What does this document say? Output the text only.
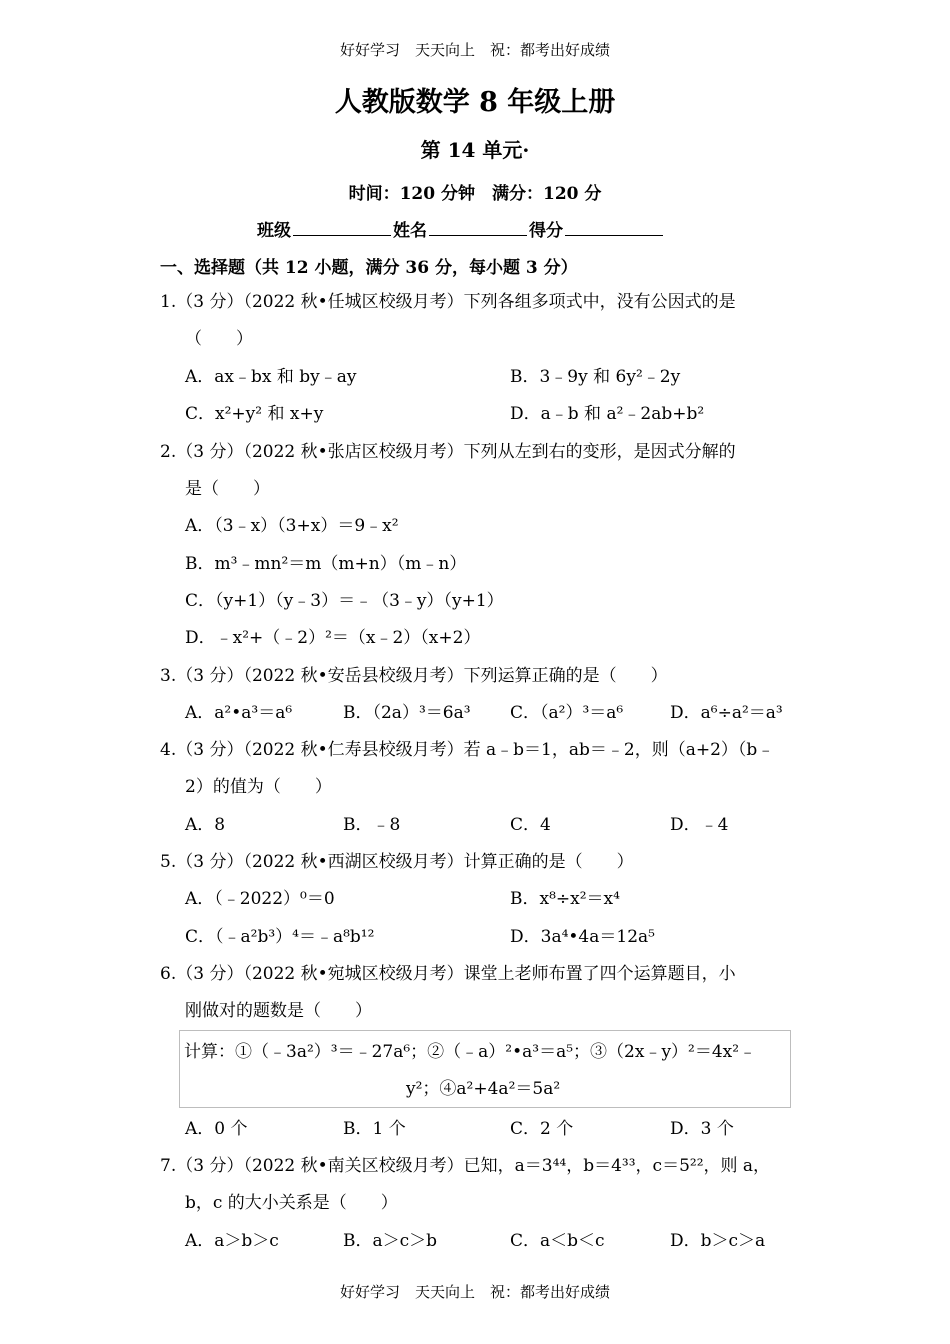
好好学习　天天向上　祝：都考出好成绩
人教版数学 8 年级上册
第 14 单元·
时间：120 分钟　满分：120 分
班级	姓名	得分
一、选择题（共 12 小题，满分 36 分，每小题 3 分）
1.（3 分）（2022 秋•任城区校级月考）下列各组多项式中，没有公因式的是
（　　）
A．ax﹣bx 和 by﹣ay	B．3﹣9y 和 6y²﹣2y
C．x²+y² 和 x+y	D．a﹣b 和 a²﹣2ab+b²
2.（3 分）（2022 秋•张店区校级月考）下列从左到右的变形，是因式分解的
是（　　）
A．（3﹣x）（3+x）＝9﹣x²
B．m³﹣mn²＝m（m+n）（m﹣n）
C．（y+1）（y﹣3）＝﹣（3﹣y）（y+1）
D．﹣x²+（﹣2）²＝（x﹣2）（x+2）
3.（3 分）（2022 秋•安岳县校级月考）下列运算正确的是（　　）
A．a²•a³＝a⁶	B．（2a）³＝6a³ C．（a²）³＝a⁶	D．a⁶÷a²＝a³
4.（3 分）（2022 秋•仁寿县校级月考）若 a﹣b＝1，ab＝﹣2，则（a+2）（b﹣
2）的值为（　　）
A．8	B．﹣8	C．4	D．﹣4
5.（3 分）（2022 秋•西湖区校级月考）计算正确的是（　　）
A．（﹣2022）⁰＝0	B．x⁸÷x²＝x⁴
C．（﹣a²b³）⁴＝﹣a⁸b¹²	D．3a⁴•4a＝12a⁵
6.（3 分）（2022 秋•宛城区校级月考）课堂上老师布置了四个运算题目，小
刚做对的题数是（　　）
计算：①（﹣3a²）³＝﹣27a⁶；②（﹣a）²•a³＝a⁵；③（2x﹣y）²＝4x²﹣
y²；④a²+4a²＝5a²
A．0 个	B．1 个	C．2 个	D．3 个
7.（3 分）（2022 秋•南关区校级月考）已知，a＝3⁴⁴，b＝4³³，c＝5²²，则 a，
b，c 的大小关系是（　　）
A．a＞b＞c	B．a＞c＞b	C．a＜b＜c	D．b＞c＞a
好好学习　天天向上　祝：都考出好成绩
